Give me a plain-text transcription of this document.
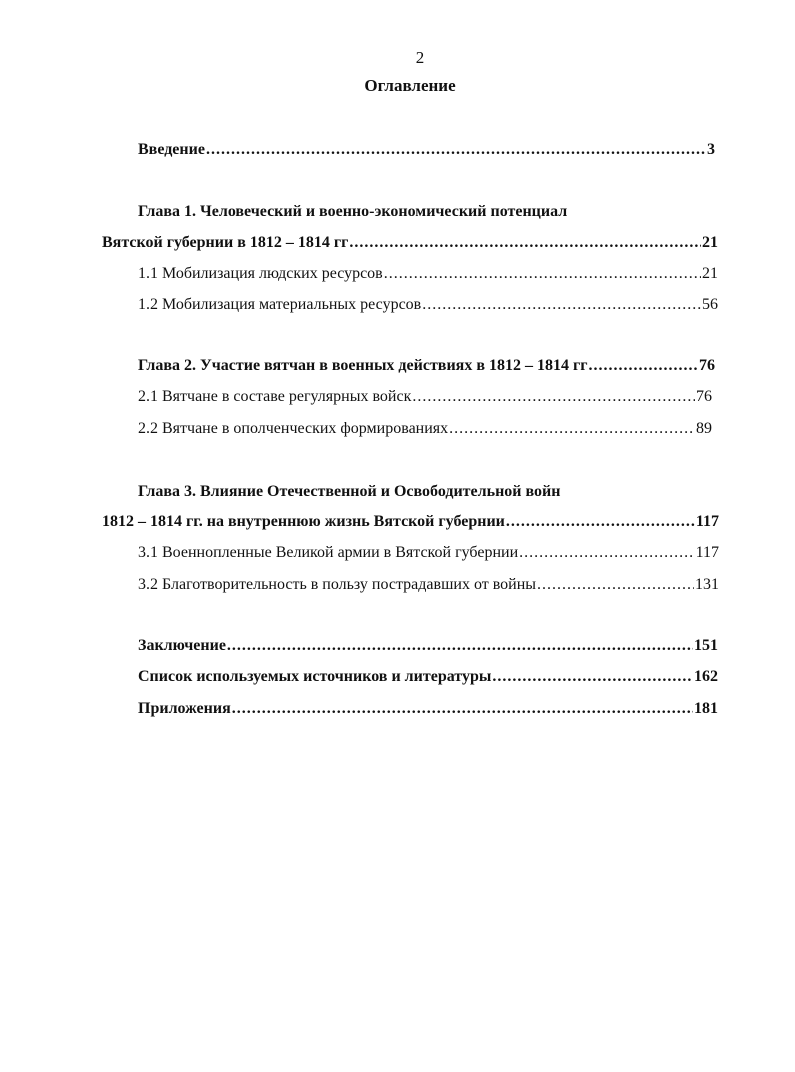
2
Оглавление
Введение .....	3
Глава 1. Человеческий и военно-экономический потенциал
Вятской губернии в 1812 – 1814 гг .....	21
1.1 Мобилизация людских ресурсов .....	21
1.2 Мобилизация материальных ресурсов .....	56
Глава 2. Участие вятчан в военных действиях в 1812 – 1814 гг .....	76
2.1 Вятчане в составе регулярных войск .....	76
2.2 Вятчане в ополченческих формированиях .....	89
Глава 3. Влияние Отечественной и Освободительной войн
1812 – 1814 гг. на внутреннюю жизнь Вятской губернии .....	117
3.1 Военнопленные Великой армии в Вятской губернии .....	117
3.2 Благотворительность в пользу пострадавших от войны .....	131
Заключение .....	151
Список используемых источников и литературы .....	162
Приложения .....	181
